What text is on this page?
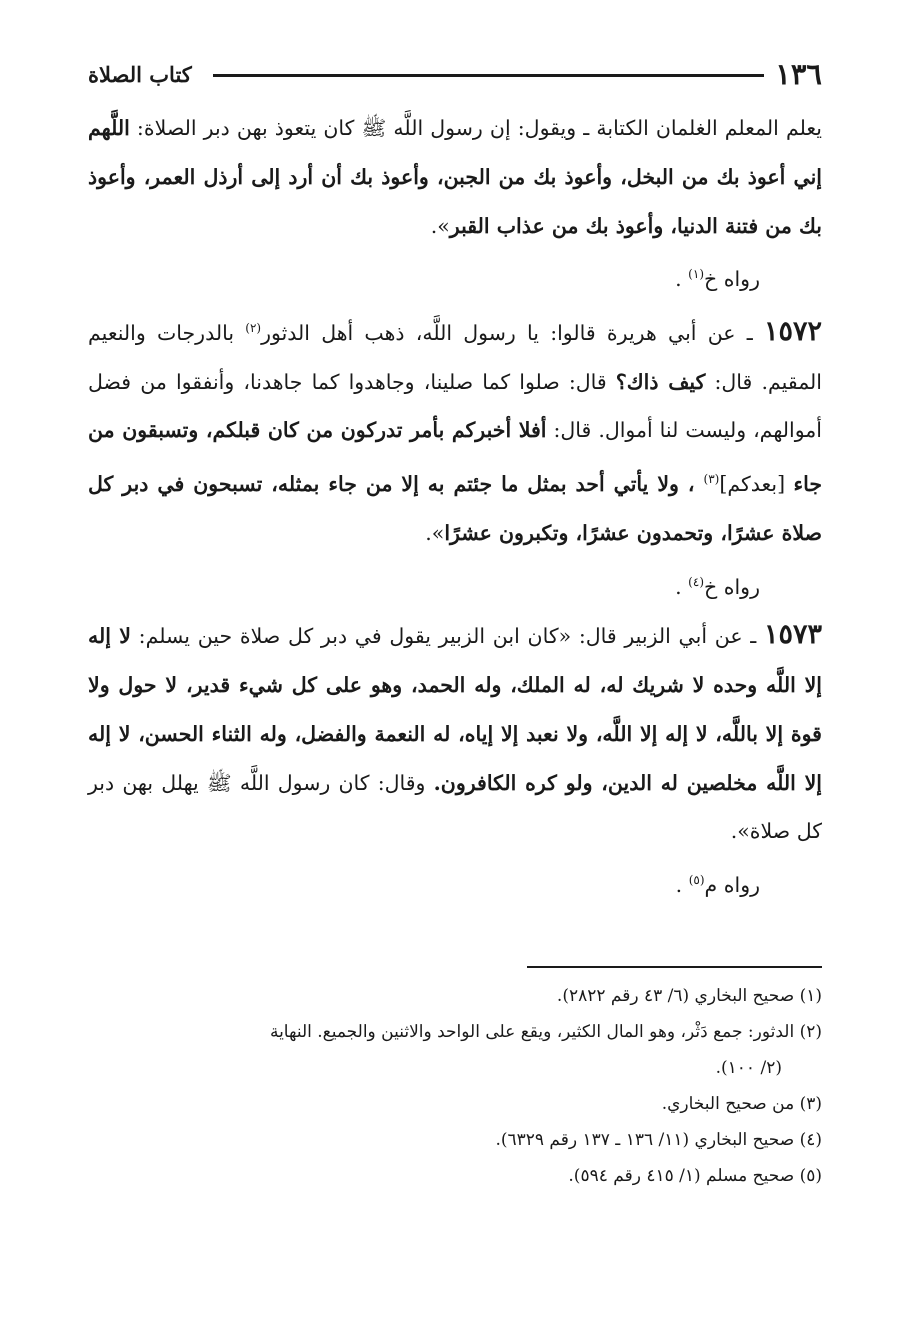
١٣٦
كتاب الصلاة

يعلم المعلم الغلمان الكتابة ـ ويقول: إن رسول اللَّه ﷺ كان يتعوذ بهن دبر الصلاة: اللَّهم إني أعوذ بك من البخل، وأعوذ بك من الجبن، وأعوذ بك أن أرد إلى أرذل العمر، وأعوذ بك من فتنة الدنيا، وأعوذ بك من عذاب القبر».

رواه خ$^{(١)}$ .

١٥٧٢ ـ عن أبي هريرة قالوا: يا رسول اللَّه، ذهب أهل الدثور$^{(٢)}$ بالدرجات والنعيم المقيم. قال: كيف ذاك؟ قال: صلوا كما صلينا، وجاهدوا كما جاهدنا، وأنفقوا من فضل أموالهم، وليست لنا أموال. قال: أفلا أخبركم بأمر تدركون من كان قبلكم، وتسبقون من جاء [بعدكم]$^{(٣)}$ ، ولا يأتي أحد بمثل ما جئتم به إلا من جاء بمثله، تسبحون في دبر كل صلاة عشرًا، وتحمدون عشرًا، وتكبرون عشرًا».

رواه خ$^{(٤)}$ .

١٥٧٣ ـ عن أبي الزبير قال: «كان ابن الزبير يقول في دبر كل صلاة حين يسلم: لا إله إلا اللَّه وحده لا شريك له، له الملك، وله الحمد، وهو على كل شيء قدير، لا حول ولا قوة إلا باللَّه، لا إله إلا اللَّه، ولا نعبد إلا إياه، له النعمة والفضل، وله الثناء الحسن، لا إله إلا اللَّه مخلصين له الدين، ولو كره الكافرون. وقال: كان رسول اللَّه ﷺ يهلل بهن دبر كل صلاة».

رواه م$^{(٥)}$ .

(١) صحيح البخاري (٦/ ٤٣ رقم ٢٨٢٢).

(٢) الدثور: جمع دَثْر، وهو المال الكثير، ويقع على الواحد والاثنين والجميع. النهاية

(٢/ ١٠٠).

(٣) من صحيح البخاري.

(٤) صحيح البخاري (١١/ ١٣٦ ـ ١٣٧ رقم ٦٣٢٩).

(٥) صحيح مسلم (١/ ٤١٥ رقم ٥٩٤).
